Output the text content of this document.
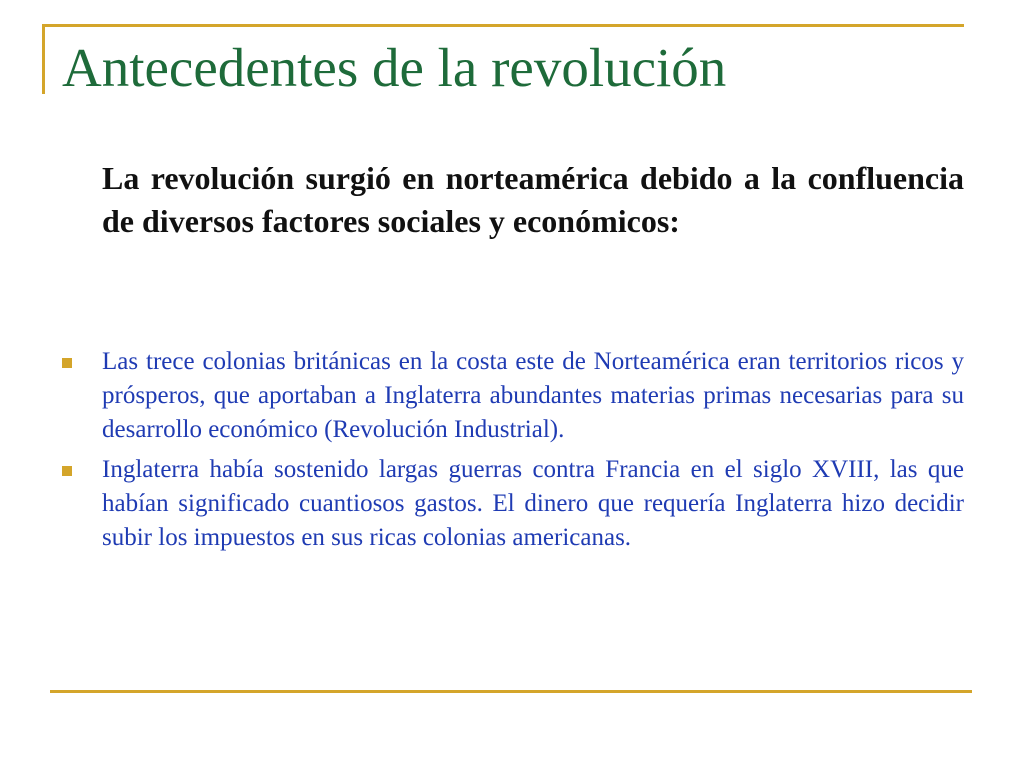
Antecedentes de la revolución
La revolución surgió en norteamérica debido a la confluencia de diversos factores sociales y económicos:
Las trece colonias británicas en la costa este de Norteamérica eran territorios ricos y prósperos, que aportaban a Inglaterra abundantes materias primas necesarias para su desarrollo económico (Revolución Industrial).
Inglaterra había sostenido largas guerras contra Francia en el siglo XVIII, las que habían significado cuantiosos gastos. El dinero que requería Inglaterra hizo decidir subir los impuestos en sus ricas colonias americanas.
